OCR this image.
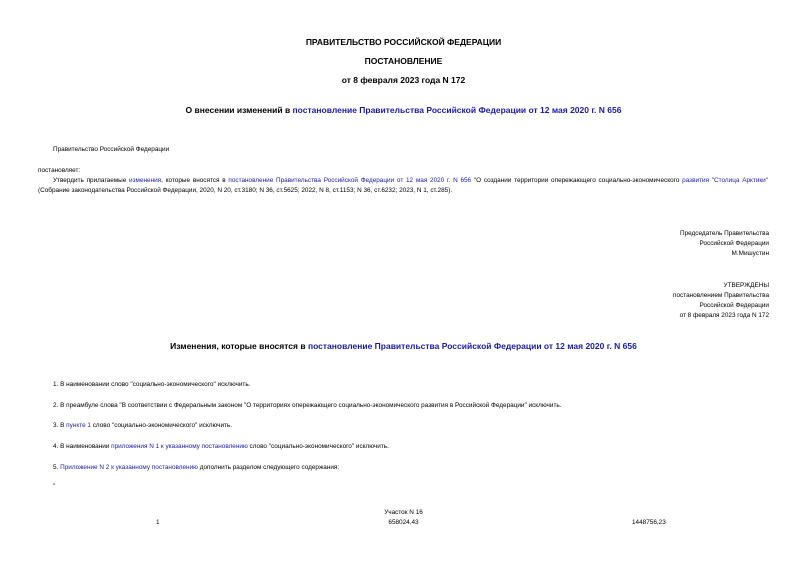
ПРАВИТЕЛЬСТВО РОССИЙСКОЙ ФЕДЕРАЦИИ
ПОСТАНОВЛЕНИЕ
от 8 февраля 2023 года N 172
О внесении изменений в постановление Правительства Российской Федерации от 12 мая 2020 г. N 656
Правительство Российской Федерации
постановляет:
Утвердить прилагаемые изменения, которые вносятся в постановление Правительства Российской Федерации от 12 мая 2020 г. N 656 "О создании территории опережающего социально-экономического развития "Столица Арктики" (Собрание законодательства Российской Федерации, 2020, N 20, ст.3180; N 36, ст.5625; 2022, N 8, ст.1153; N 36, ст.6232; 2023, N 1, ст.285).
Председатель Правительства
Российской Федерации
М.Мишустин
УТВЕРЖДЕНЫ
постановлением Правительства
Российской Федерации
от 8 февраля 2023 года N 172
Изменения, которые вносятся в постановление Правительства Российской Федерации от 12 мая 2020 г. N 656
1. В наименовании слово "социально-экономического" исключить.
2. В преамбуле слова "В соответствии с Федеральным законом "О территориях опережающего социально-экономического развития в Российской Федерации" исключить.
3. В пункте 1 слово "социально-экономического" исключить.
4. В наименовании приложения N 1 к указанному постановлению слово "социально-экономического" исключить.
5. Приложение N 2 к указанному постановлению дополнить разделом следующего содержания:
"
Участок N 16
1	658024,43	1448756,23
